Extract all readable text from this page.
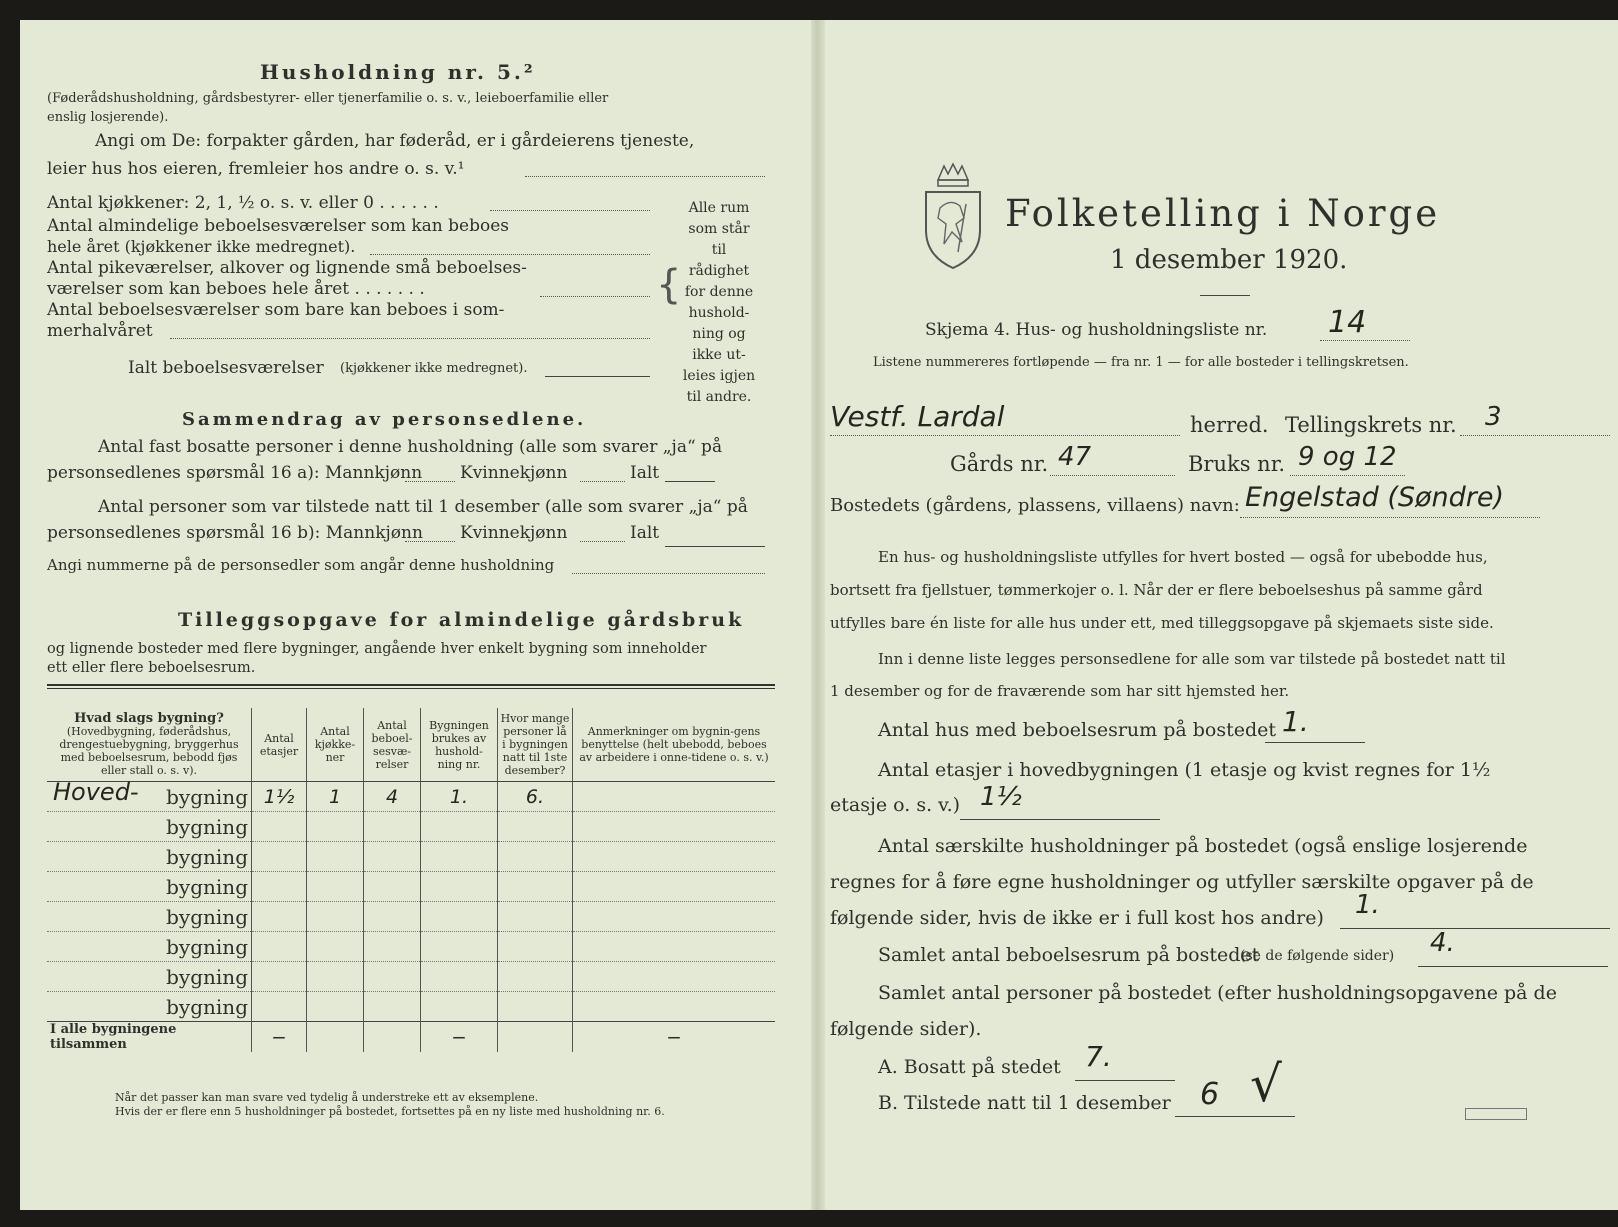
Husholdning nr. 5.²
(Føderådshusholdning, gårdsbestyrer- eller tjenerfamilie o. s. v., leieboerfamilie eller
enslig losjerende).
Angi om De: forpakter gården, har føderåd, er i gårdeierens tjeneste,
leier hus hos eieren, fremleier hos andre o. s. v.¹
Antal kjøkkener: 2, 1, ½ o. s. v. eller 0 . . . . . .
Antal almindelige beboelsesværelser som kan beboes
hele året (kjøkkener ikke medregnet).
Antal pikeværelser, alkover og lignende små beboelses-
værelser som kan beboes hele året . . . . . . .
Antal beboelsesværelser som bare kan beboes i som-
merhalvåret
Ialt beboelsesværelser (kjøkkener ikke medregnet).
{
Alle rum
som står til
rådighet
for denne
hushold-
ning og
ikke ut-
leies igjen
til andre.
Sammendrag av personsedlene.
Antal fast bosatte personer i denne husholdning (alle som svarer „ja“ på
personsedlenes spørsmål 16 a): Mannkjønn Kvinnekjønn	Ialt
Antal personer som var tilstede natt til 1 desember (alle som svarer „ja“ på
personsedlenes spørsmål 16 b): Mannkjønn Kvinnekjønn	Ialt
Angi nummerne på de personsedler som angår denne husholdning
Tilleggsopgave for almindelige gårdsbruk
og lignende bosteder med flere bygninger, angående hver enkelt bygning som inneholder
ett eller flere beboelsesrum.
Hvad slags bygning?
(Hovedbygning, føderådshus, drengestuebygning, bryggerhus med beboelsesrum, bebodd fjøs eller stall o. s. v).	Antal etasjer	Antal kjøkke-ner	Antal beboel-sesvæ-relser	Bygningen brukes av hushold-ning nr.	Hvor mange personer lå i bygningen natt til 1ste desember?	Anmerkninger om bygnin-gens benyttelse (helt ubebodd, beboes av arbeidere i onne-tidene o. s. v.)

Hoved- bygning	1½	1	4	1.	6.	

bygning						

bygning						

bygning						

bygning						

bygning						

bygning						

bygning						
I alle bygningene tilsammen	—			—		—
Når det passer kan man svare ved tydelig å understreke ett av eksemplene.
Hvis der er flere enn 5 husholdninger på bostedet, fortsettes på en ny liste med husholdning nr. 6.
Folketelling i Norge
1 desember 1920.
Skjema 4. Hus- og husholdningsliste nr. 14
Listene nummereres fortløpende — fra nr. 1 — for alle bosteder i tellingskretsen.
Vestf. Lardal	herred. Tellingskrets nr. 3
Gårds nr. 47	Bruks nr. 9 og 12
Bostedets (gårdens, plassens, villaens) navn: Engelstad (Søndre)
En hus- og husholdningsliste utfylles for hvert bosted — også for ubebodde hus,
bortsett fra fjellstuer, tømmerkojer o. l. Når der er flere beboelseshus på samme gård
utfylles bare én liste for alle hus under ett, med tilleggsopgave på skjemaets siste side.
Inn i denne liste legges personsedlene for alle som var tilstede på bostedet natt til
1 desember og for de fraværende som har sitt hjemsted her.
Antal hus med beboelsesrum på bostedet 1.
Antal etasjer i hovedbygningen (1 etasje og kvist regnes for 1½
etasje o. s. v.) 1½
Antal særskilte husholdninger på bostedet (også enslige losjerende
regnes for å føre egne husholdninger og utfyller særskilte opgaver på de
følgende sider, hvis de ikke er i full kost hos andre) 1.
Samlet antal beboelsesrum på bostedet
(se de følgende sider) 4.
Samlet antal personer på bostedet (efter husholdningsopgavene på de
følgende sider).
A. Bosatt på stedet 7.
B. Tilstede natt til 1 desember 6 √
